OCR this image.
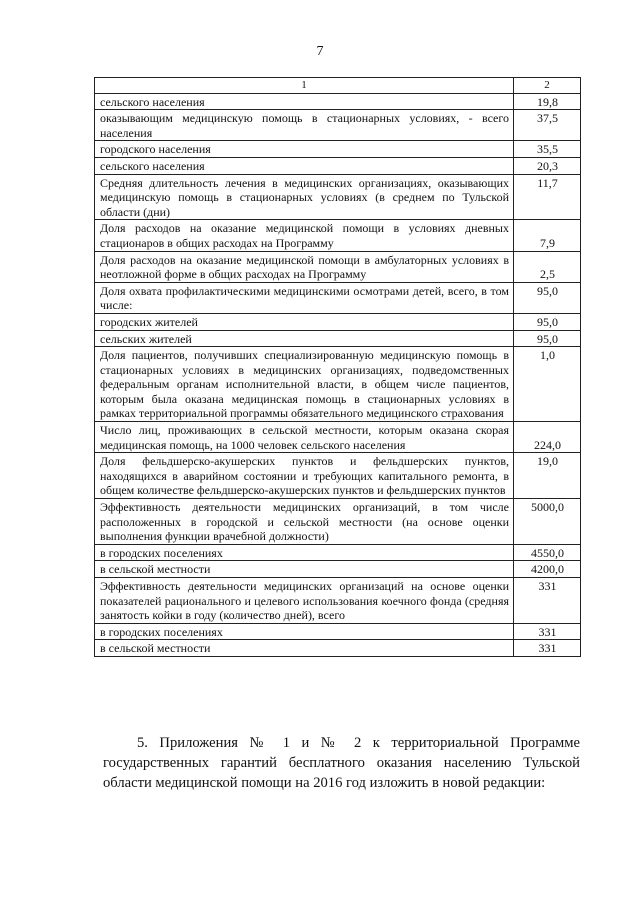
7
1	2
сельского населения	19,8
оказывающим медицинскую помощь в стационарных условиях, - всего населения	37,5
городского населения	35,5
сельского населения	20,3
Средняя длительность лечения в медицинских организациях, оказывающих медицинскую помощь в стационарных условиях (в среднем по Тульской области (дни)	11,7
Доля расходов на оказание медицинской помощи в условиях дневных стационаров в общих расходах на Программу	7,9
Доля расходов на оказание медицинской помощи в амбулаторных условиях в неотложной форме в общих расходах на Программу	2,5
Доля охвата профилактическими медицинскими осмотрами детей, всего, в том числе:	95,0
городских жителей	95,0
сельских жителей	95,0
Доля пациентов, получивших специализированную медицинскую помощь в стационарных условиях в медицинских организациях, подведомственных федеральным органам исполнительной власти, в общем числе пациентов, которым была оказана медицинская помощь в стационарных условиях в рамках территориальной программы обязательного медицинского страхования	1,0
Число лиц, проживающих в сельской местности, которым оказана скорая медицинская помощь, на 1000 человек сельского населения	224,0
Доля фельдшерско-акушерских пунктов и фельдшерских пунктов, находящихся в аварийном состоянии и требующих капитального ремонта, в общем количестве фельдшерско-акушерских пунктов и фельдшерских пунктов	19,0
Эффективность деятельности медицинских организаций, в том числе расположенных в городской и сельской местности (на основе оценки выполнения функции врачебной должности)	5000,0
в городских поселениях	4550,0
в сельской местности	4200,0
Эффективность деятельности медицинских организаций на основе оценки показателей рационального и целевого использования коечного фонда (средняя занятость койки в году (количество дней), всего	331
в городских поселениях	331
в сельской местности	331
5. Приложения № 1 и № 2 к территориальной Программе государственных гарантий бесплатного оказания населению Тульской области медицинской помощи на 2016 год изложить в новой редакции:
